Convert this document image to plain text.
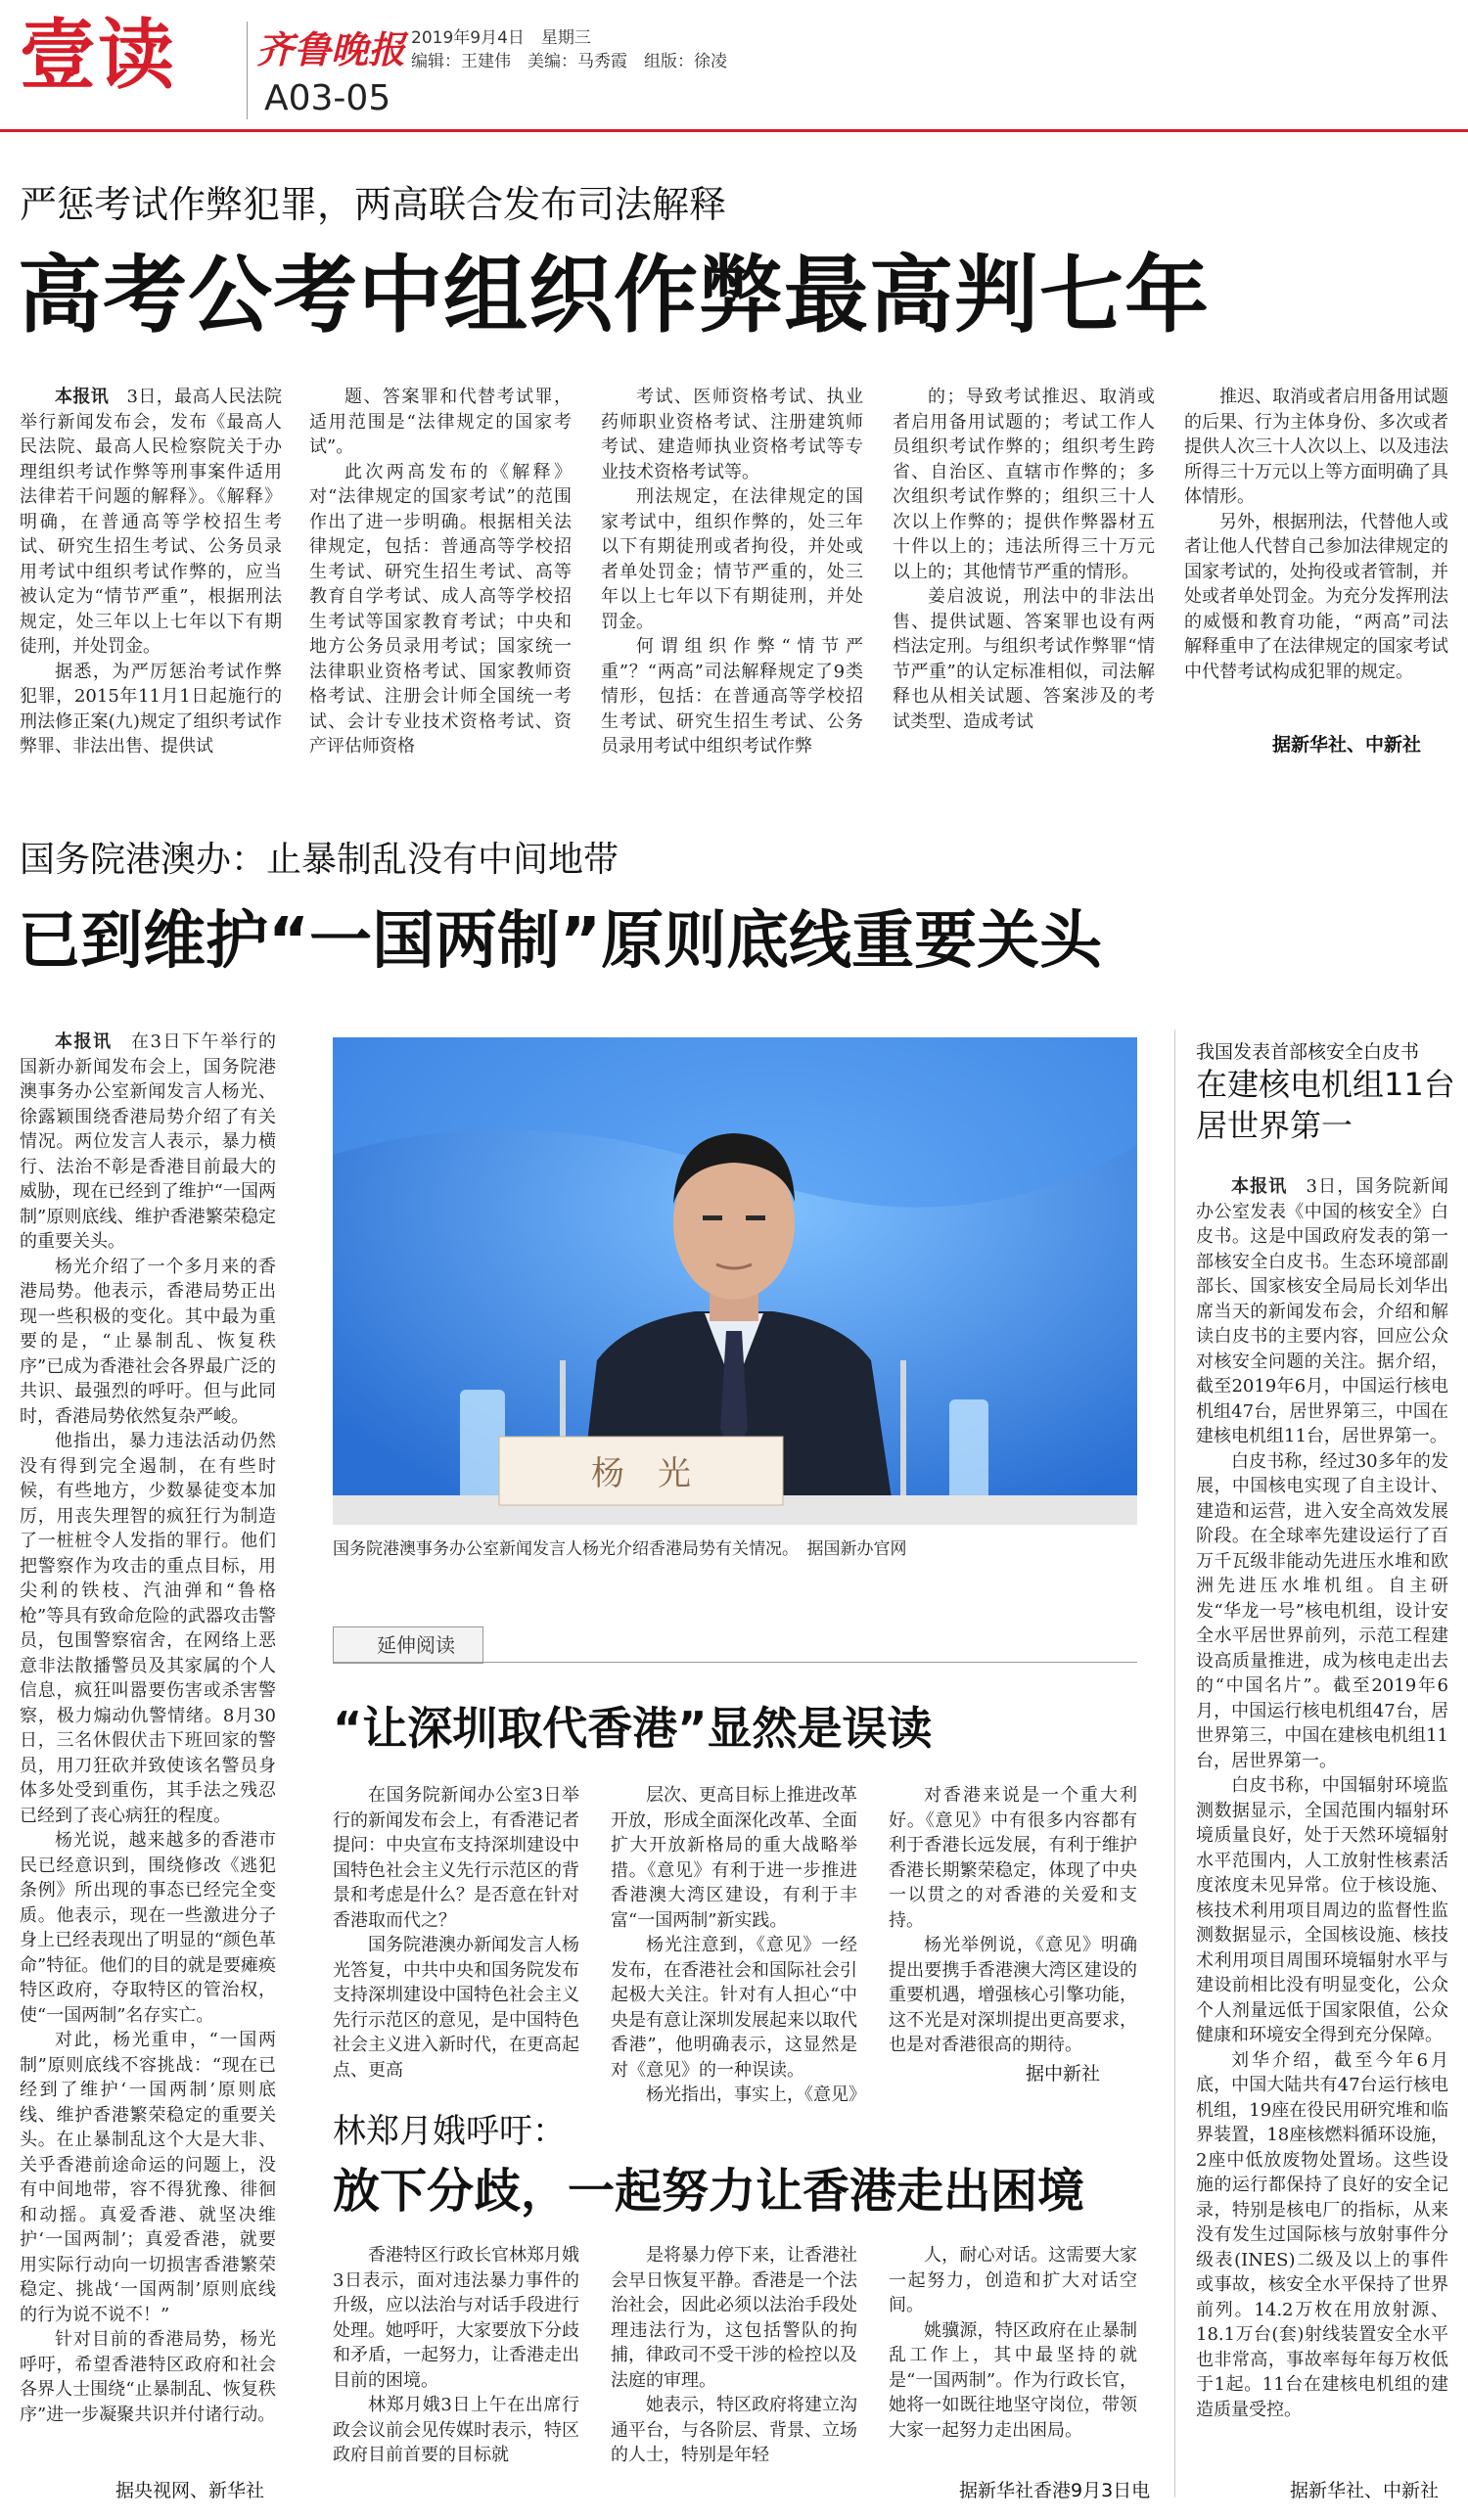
壹读 齐鲁晚报 2019年9月4日　星期三
编辑：王建伟　美编：马秀霞　组版：徐凌
A03-05
严惩考试作弊犯罪，两高联合发布司法解释
高考公考中组织作弊最高判七年

本报讯　3日，最高人民法院举行新闻发布会，发布《最高人民法院、最高人民检察院关于办理组织考试作弊等刑事案件适用法律若干问题的解释》。《解释》明确，在普通高等学校招生考试、研究生招生考试、公务员录用考试中组织考试作弊的，应当被认定为“情节严重”，根据刑法规定，处三年以上七年以下有期徒刑，并处罚金。

据悉，为严厉惩治考试作弊犯罪，2015年11月1日起施行的刑法修正案(九)规定了组织考试作弊罪、非法出售、提供试

题、答案罪和代替考试罪，适用范围是“法律规定的国家考试”。

此次两高发布的《解释》对“法律规定的国家考试”的范围作出了进一步明确。根据相关法律规定，包括：普通高等学校招生考试、研究生招生考试、高等教育自学考试、成人高等学校招生考试等国家教育考试；中央和地方公务员录用考试；国家统一法律职业资格考试、国家教师资格考试、注册会计师全国统一考试、会计专业技术资格考试、资产评估师资格

考试、医师资格考试、执业药师职业资格考试、注册建筑师考试、建造师执业资格考试等专业技术资格考试等。

刑法规定，在法律规定的国家考试中，组织作弊的，处三年以下有期徒刑或者拘役，并处或者单处罚金；情节严重的，处三年以上七年以下有期徒刑，并处罚金。

何谓组织作弊“情节严重”？“两高”司法解释规定了9类情形，包括：在普通高等学校招生考试、研究生招生考试、公务员录用考试中组织考试作弊

的；导致考试推迟、取消或者启用备用试题的；考试工作人员组织考试作弊的；组织考生跨省、自治区、直辖市作弊的；多次组织考试作弊的；组织三十人次以上作弊的；提供作弊器材五十件以上的；违法所得三十万元以上的；其他情节严重的情形。

姜启波说，刑法中的非法出售、提供试题、答案罪也设有两档法定刑。与组织考试作弊罪“情节严重”的认定标准相似，司法解释也从相关试题、答案涉及的考试类型、造成考试

推迟、取消或者启用备用试题的后果、行为主体身份、多次或者提供人次三十人次以上、以及违法所得三十万元以上等方面明确了具体情形。

另外，根据刑法，代替他人或者让他人代替自己参加法律规定的国家考试的，处拘役或者管制，并处或者单处罚金。为充分发挥刑法的威慑和教育功能，“两高”司法解释重申了在法律规定的国家考试中代替考试构成犯罪的规定。

据新华社、中新社
国务院港澳办：止暴制乱没有中间地带
已到维护“一国两制”原则底线重要关头

本报讯　在3日下午举行的国新办新闻发布会上，国务院港澳事务办公室新闻发言人杨光、徐露颖围绕香港局势介绍了有关情况。两位发言人表示，暴力横行、法治不彰是香港目前最大的威胁，现在已经到了维护“一国两制”原则底线、维护香港繁荣稳定的重要关头。

杨光介绍了一个多月来的香港局势。他表示，香港局势正出现一些积极的变化。其中最为重要的是，“止暴制乱、恢复秩序”已成为香港社会各界最广泛的共识、最强烈的呼吁。但与此同时，香港局势依然复杂严峻。

他指出，暴力违法活动仍然没有得到完全遏制，在有些时候，有些地方，少数暴徒变本加厉，用丧失理智的疯狂行为制造了一桩桩令人发指的罪行。他们把警察作为攻击的重点目标，用尖利的铁枝、汽油弹和“鲁格枪”等具有致命危险的武器攻击警员，包围警察宿舍，在网络上恶意非法散播警员及其家属的个人信息，疯狂叫嚣要伤害或杀害警察，极力煽动仇警情绪。8月30日，三名休假伏击下班回家的警员，用刀狂砍并致使该名警员身体多处受到重伤，其手法之残忍已经到了丧心病狂的程度。

杨光说，越来越多的香港市民已经意识到，围绕修改《逃犯条例》所出现的事态已经完全变质。他表示，现在一些激进分子身上已经表现出了明显的“颜色革命”特征。他们的目的就是要瘫痪特区政府，夺取特区的管治权，使“一国两制”名存实亡。

对此，杨光重申，“一国两制”原则底线不容挑战：“现在已经到了维护‘一国两制’原则底线、维护香港繁荣稳定的重要关头。在止暴制乱这个大是大非、关乎香港前途命运的问题上，没有中间地带，容不得犹豫、徘徊和动摇。真爱香港、就坚决维护‘一国两制’；真爱香港，就要用实际行动向一切损害香港繁荣稳定、挑战‘一国两制’原则底线的行为说不说不！”

针对目前的香港局势，杨光呼吁，希望香港特区政府和社会各界人士围绕“止暴制乱、恢复秩序”进一步凝聚共识并付诸行动。

据央视网、新华社
杨　光
国务院港澳事务办公室新闻发言人杨光介绍香港局势有关情况。　据国新办官网
延伸阅读
“让深圳取代香港”显然是误读

在国务院新闻办公室3日举行的新闻发布会上，有香港记者提问：中央宣布支持深圳建设中国特色社会主义先行示范区的背景和考虑是什么？是否意在针对香港取而代之？

国务院港澳办新闻发言人杨光答复，中共中央和国务院发布支持深圳建设中国特色社会主义先行示范区的意见，是中国特色社会主义进入新时代，在更高起点、更高

层次、更高目标上推进改革开放，形成全面深化改革、全面扩大开放新格局的重大战略举措。《意见》有利于进一步推进香港澳大湾区建设，有利于丰富“一国两制”新实践。

杨光注意到，《意见》一经发布，在香港社会和国际社会引起极大关注。针对有人担心“中央是有意让深圳发展起来以取代香港”，他明确表示，这显然是对《意见》的一种误读。

杨光指出，事实上，《意见》

对香港来说是一个重大利好。《意见》中有很多内容都有利于香港长远发展，有利于维护香港长期繁荣稳定，体现了中央一以贯之的对香港的关爱和支持。

杨光举例说，《意见》明确提出要携手香港澳大湾区建设的重要机遇，增强核心引擎功能，这不光是对深圳提出更高要求，也是对香港很高的期待。

据中新社
林郑月娥呼吁：
放下分歧，一起努力让香港走出困境

香港特区行政长官林郑月娥3日表示，面对违法暴力事件的升级，应以法治与对话手段进行处理。她呼吁，大家要放下分歧和矛盾，一起努力，让香港走出目前的困境。

林郑月娥3日上午在出席行政会议前会见传媒时表示，特区政府目前首要的目标就

是将暴力停下来，让香港社会早日恢复平静。香港是一个法治社会，因此必须以法治手段处理违法行为，这包括警队的拘捕，律政司不受干涉的检控以及法庭的审理。

她表示，特区政府将建立沟通平台，与各阶层、背景、立场的人士，特别是年轻

人，耐心对话。这需要大家一起努力，创造和扩大对话空间。

姚骥源，特区政府在止暴制乱工作上，其中最坚持的就是“一国两制”。作为行政长官，她将一如既往地坚守岗位，带领大家一起努力走出困局。

据新华社香港9月3日电
我国发表首部核安全白皮书
在建核电机组11台
居世界第一

本报讯　3日，国务院新闻办公室发表《中国的核安全》白皮书。这是中国政府发表的第一部核安全白皮书。生态环境部副部长、国家核安全局局长刘华出席当天的新闻发布会，介绍和解读白皮书的主要内容，回应公众对核安全问题的关注。据介绍，截至2019年6月，中国运行核电机组47台，居世界第三，中国在建核电机组11台，居世界第一。

白皮书称，经过30多年的发展，中国核电实现了自主设计、建造和运营，进入安全高效发展阶段。在全球率先建设运行了百万千瓦级非能动先进压水堆和欧洲先进压水堆机组。自主研发“华龙一号”核电机组，设计安全水平居世界前列，示范工程建设高质量推进，成为核电走出去的“中国名片”。截至2019年6月，中国运行核电机组47台，居世界第三，中国在建核电机组11台，居世界第一。

白皮书称，中国辐射环境监测数据显示，全国范围内辐射环境质量良好，处于天然环境辐射水平范围内，人工放射性核素活度浓度未见异常。位于核设施、核技术利用项目周边的监督性监测数据显示，全国核设施、核技术利用项目周围环境辐射水平与建设前相比没有明显变化，公众个人剂量远低于国家限值，公众健康和环境安全得到充分保障。

刘华介绍，截至今年6月底，中国大陆共有47台运行核电机组，19座在役民用研究堆和临界装置，18座核燃料循环设施，2座中低放废物处置场。这些设施的运行都保持了良好的安全记录，特别是核电厂的指标，从来没有发生过国际核与放射事件分级表(INES)二级及以上的事件或事故，核安全水平保持了世界前列。14.2万枚在用放射源、18.1万台(套)射线装置安全水平也非常高，事故率每年每万枚低于1起。11台在建核电机组的建造质量受控。

据新华社、中新社
